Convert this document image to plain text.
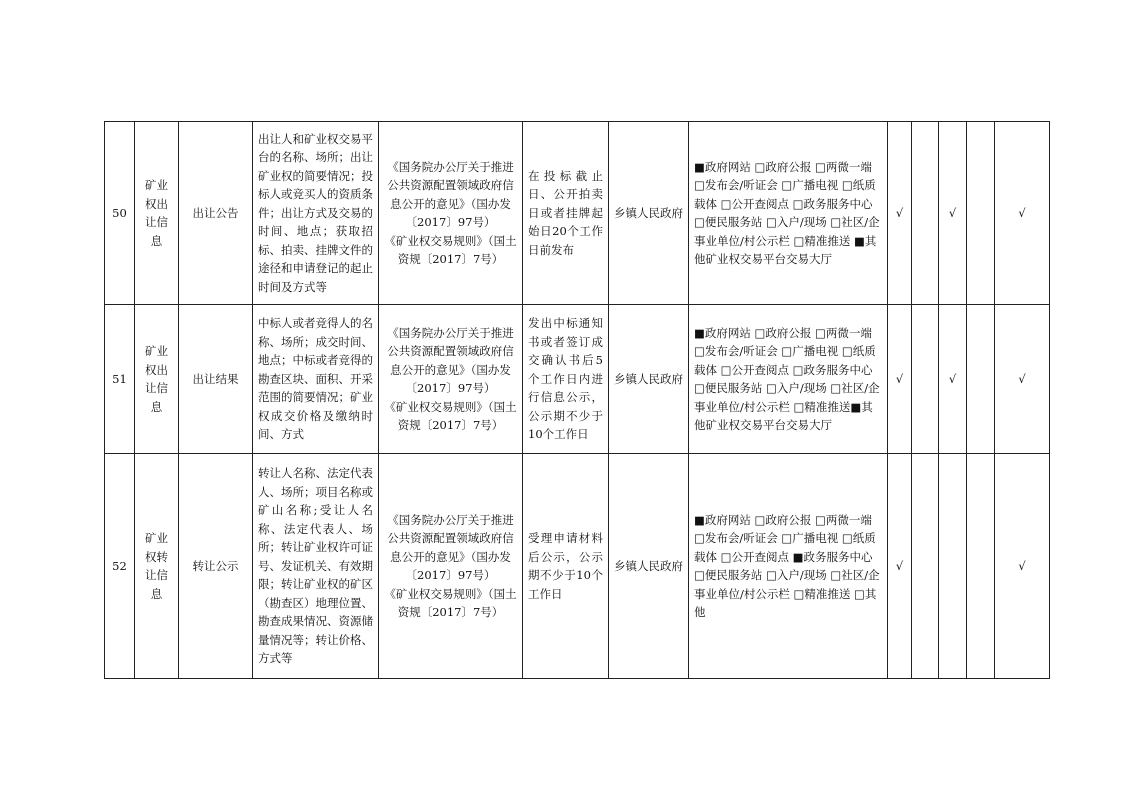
50	矿业
权出
让信
息	出让公告	出让人和矿业权交易平台的名称、场所；出让矿业权的简要情况；投标人或竞买人的资质条件；出让方式及交易的时间、地点；获取招标、拍卖、挂牌文件的途径和申请登记的起止时间及方式等	《国务院办公厅关于推进公共资源配置领域政府信息公开的意见》（国办发〔2017〕97号）
《矿业权交易规则》（国土资规〔2017〕7号）	在投标截止日、公开拍卖日或者挂牌起始日20个工作日前发布	乡镇人民政府	■政府网站 □政府公报 □两微一端 □发布会/听证会 □广播电视 □纸质载体 □公开查阅点 □政务服务中心 □便民服务站 □入户/现场 □社区/企事业单位/村公示栏 □精准推送 ■其他矿业权交易平台交易大厅	√		√		√
51	矿业
权出
让信
息	出让结果	中标人或者竞得人的名称、场所；成交时间、地点；中标或者竞得的勘查区块、面积、开采范围的简要情况；矿业权成交价格及缴纳时间、方式	《国务院办公厅关于推进公共资源配置领域政府信息公开的意见》（国办发〔2017〕97号）
《矿业权交易规则》（国土资规〔2017〕7号）	发出中标通知书或者签订成交确认书后5个工作日内进行信息公示，公示期不少于10个工作日	乡镇人民政府	■政府网站 □政府公报 □两微一端 □发布会/听证会 □广播电视 □纸质载体 □公开查阅点 □政务服务中心 □便民服务站 □入户/现场 □社区/企事业单位/村公示栏 □精准推送■其他矿业权交易平台交易大厅	√		√		√
52	矿业
权转
让信
息	转让公示	转让人名称、法定代表人、场所；项目名称或矿山名称;受让人名称、法定代表人、场所；转让矿业权许可证号、发证机关、有效期限；转让矿业权的矿区（勘查区）地理位置、勘查成果情况、资源储量情况等；转让价格、方式等	《国务院办公厅关于推进公共资源配置领域政府信息公开的意见》（国办发〔2017〕97号）
《矿业权交易规则》（国土资规〔2017〕7号）	受理申请材料后公示，公示期不少于10个工作日	乡镇人民政府	■政府网站 □政府公报 □两微一端 □发布会/听证会 □广播电视 □纸质载体 □公开查阅点 ■政务服务中心 □便民服务站 □入户/现场 □社区/企事业单位/村公示栏 □精准推送 □其他	√				√
